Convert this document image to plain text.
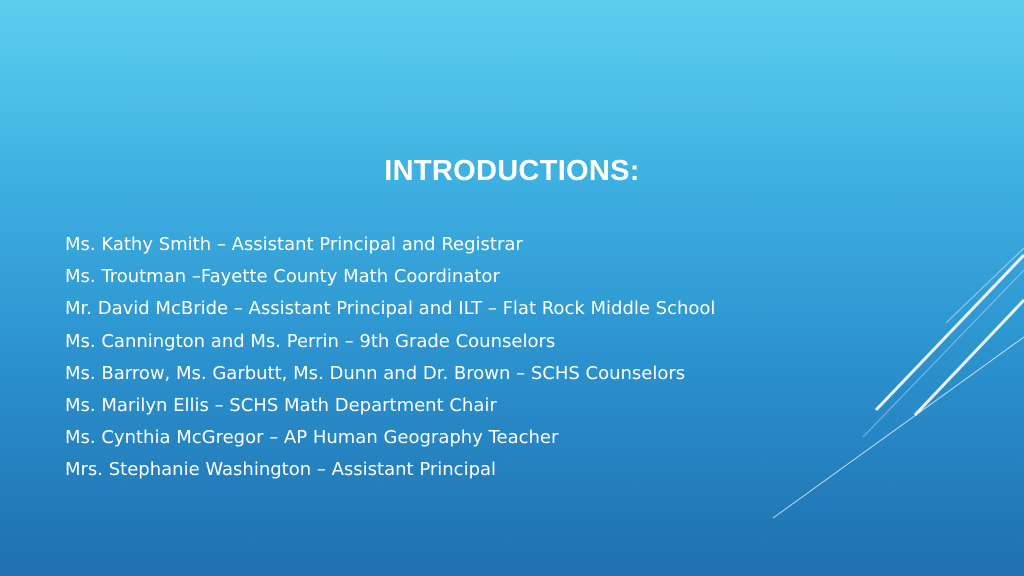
INTRODUCTIONS:
Ms. Kathy Smith – Assistant Principal and Registrar
Ms. Troutman –Fayette County Math Coordinator
Mr. David McBride – Assistant Principal and ILT – Flat Rock Middle School
Ms. Cannington and Ms. Perrin – 9th Grade Counselors
Ms. Barrow, Ms. Garbutt, Ms. Dunn and Dr. Brown – SCHS Counselors
Ms. Marilyn Ellis – SCHS Math Department Chair
Ms. Cynthia McGregor – AP Human Geography Teacher
Mrs. Stephanie Washington – Assistant Principal
